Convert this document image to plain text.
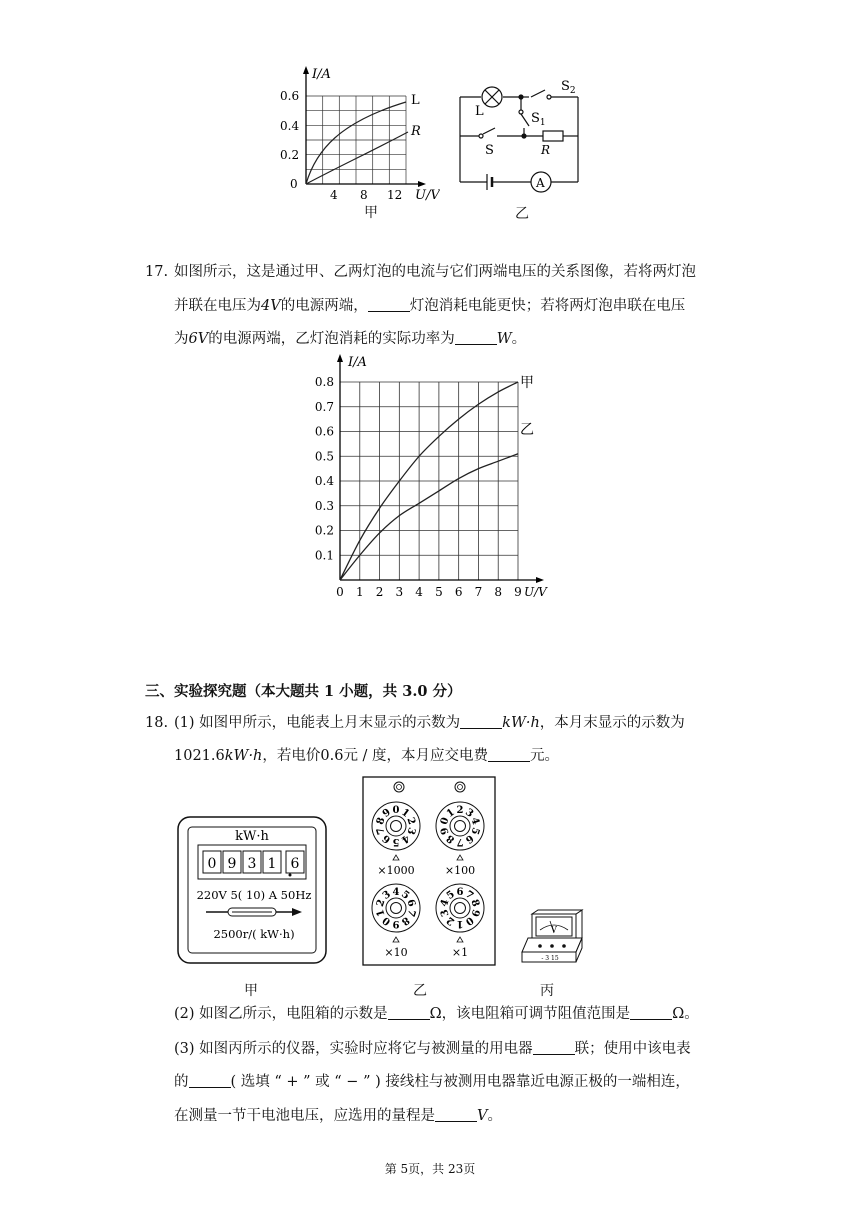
I/A
0.6
0.4
0.2
0
4 8 12 U/V
L
R
甲
L
$S_2$
$S_1$
S	R
A
乙
17. 如图所示，这是通过甲、乙两灯泡的电流与它们两端电压的关系图像，若将两灯泡
并联在电压为4V的电源两端，	灯泡消耗电能更快；若将两灯泡串联在电压
为6V的电源两端，乙灯泡消耗的实际功率为	W。
0 1 2 3 4 5 6 7 8 9
0.1
0.2
0.3
0.4
0.5
0.6
0.7
0.8
I/A
U/V
甲
乙
三、实验探究题（本大题共 1 小题，共 3.0 分）
18. (1) 如图甲所示，电能表上月末显示的示数为	kW·h，本月末显示的示数为
1021.6kW·h，若电价0.6元 / 度，本月应交电费	元。
kW·h
0 9 3 1 6
220V 5( 10) A 50Hz
2500r/( kW·h)
甲
0 1
2
3
4
5
6
7
8
9
0
1 2 3
4
5
6
7
8
9
0
1
2
3 4 5
6
7
8
9	0
1
2
3
4
5 6 7
8
9
×1000	×100
×10	×1
乙
V
- 3 15
丙
(2) 如图乙所示，电阻箱的示数是	Ω，该电阻箱可调节阻值范围是	Ω。
(3) 如图丙所示的仪器，实验时应将它与被测量的用电器	联；使用中该电表
的	( 选填 “ + ” 或 “ − ” ) 接线柱与被测用电器靠近电源正极的一端相连，
在测量一节干电池电压，应选用的量程是	V。
第 5页，共 23页
